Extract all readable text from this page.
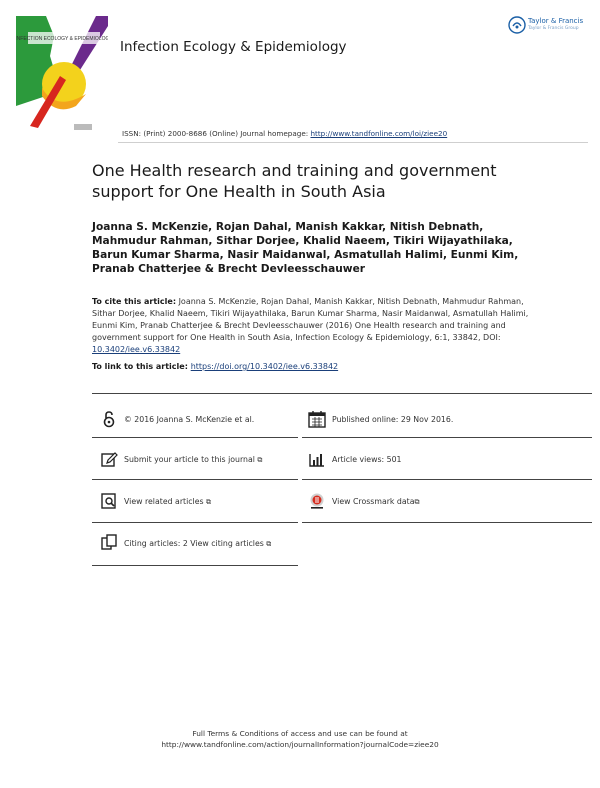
INFECTION ECOLOGY & EPIDEMIOLOGY Infection Ecology & Epidemiology
Taylor & Francis
Taylor & Francis Group
ISSN: (Print) 2000-8686 (Online) Journal homepage: http://www.tandfonline.com/loi/ziee20
One Health research and training and government support for One Health in South Asia
Joanna S. McKenzie, Rojan Dahal, Manish Kakkar, Nitish Debnath, Mahmudur Rahman, Sithar Dorjee, Khalid Naeem, Tikiri Wijayathilaka, Barun Kumar Sharma, Nasir Maidanwal, Asmatullah Halimi, Eunmi Kim, Pranab Chatterjee & Brecht Devleesschauwer
To cite this article: Joanna S. McKenzie, Rojan Dahal, Manish Kakkar, Nitish Debnath, Mahmudur Rahman, Sithar Dorjee, Khalid Naeem, Tikiri Wijayathilaka, Barun Kumar Sharma, Nasir Maidanwal, Asmatullah Halimi, Eunmi Kim, Pranab Chatterjee & Brecht Devleesschauwer (2016) One Health research and training and government support for One Health in South Asia, Infection Ecology & Epidemiology, 6:1, 33842, DOI: 10.3402/iee.v6.33842
To link to this article: https://doi.org/10.3402/iee.v6.33842
© 2016 Joanna S. McKenzie et al.
Submit your article to this journal ⧉
View related articles ⧉
Citing articles: 2 View citing articles ⧉
Published online: 29 Nov 2016.
Article views: 501
View Crossmark data⧉
Full Terms & Conditions of access and use can be found at
http://www.tandfonline.com/action/journalInformation?journalCode=ziee20
